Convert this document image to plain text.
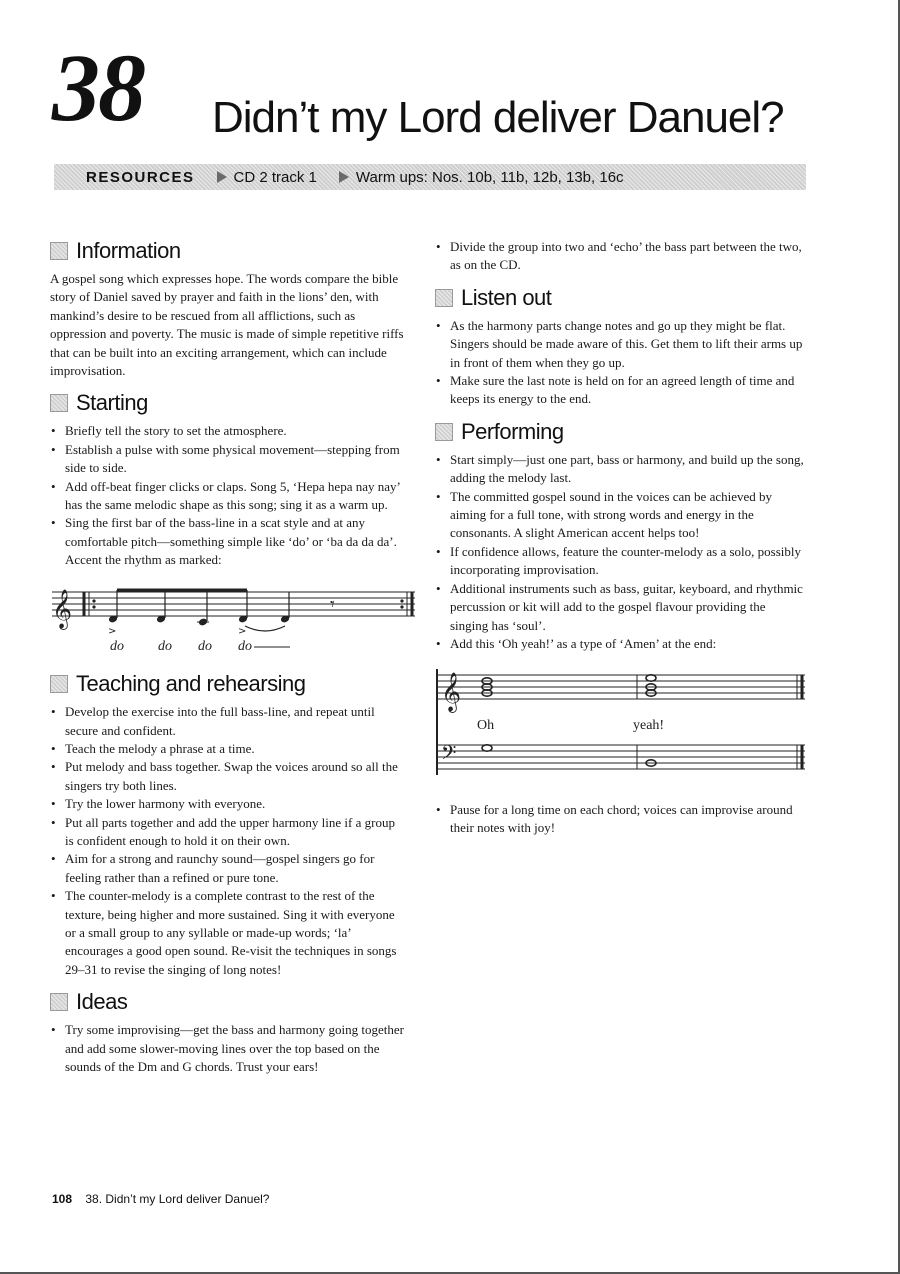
38 Didn’t my Lord deliver Danuel?
RESOURCES	CD 2 track 1	Warm ups: Nos. 10b, 11b, 12b, 13b, 16c
Information

A gospel song which expresses hope. The words compare the bible story of Daniel saved by prayer and faith in the lions’ den, with mankind’s desire to be rescued from all afflictions, such as oppression and poverty. The music is made of simple repetitive riffs that can be built into an exciting arrangement, which can include improvisation.

Starting
• Briefly tell the story to set the atmosphere.
• Establish a pulse with some physical movement—stepping from side to side.
• Add off-beat finger clicks or claps. Song 5, ‘Hepa hepa nay nay’ has the same melodic shape as this song; sing it as a warm up.
• Sing the first bar of the bass-line in a scat style and at any comfortable pitch—something simple like ‘do’ or ‘ba da da da’. Accent the rhythm as marked:
𝄞
>	>
𝄾
do do do do
Teaching and rehearsing
• Develop the exercise into the full bass-line, and repeat until secure and confident.
• Teach the melody a phrase at a time.
• Put melody and bass together. Swap the voices around so all the singers try both lines.
• Try the lower harmony with everyone.
• Put all parts together and add the upper harmony line if a group is confident enough to hold it on their own.
• Aim for a strong and raunchy sound—gospel singers go for feeling rather than a refined or pure tone.
• The counter-melody is a complete contrast to the rest of the texture, being higher and more sustained. Sing it with everyone or a small group to any syllable or made-up words; ‘la’ encourages a good open sound. Re-visit the techniques in songs 29–31 to revise the singing of long notes!
Ideas
• Try some improvising—get the bass and harmony going together and add some slower-moving lines over the top based on the sounds of the Dm and G chords. Trust your ears!
• Divide the group into two and ‘echo’ the bass part between the two, as on the CD.
Listen out
• As the harmony parts change notes and go up they might be flat. Singers should be made aware of this. Get them to lift their arms up in front of them when they go up.
• Make sure the last note is held on for an agreed length of time and keeps its energy to the end.
Performing
• Start simply—just one part, bass or harmony, and build up the song, adding the melody last.
• The committed gospel sound in the voices can be achieved by aiming for a full tone, with strong words and energy in the consonants. A slight American accent helps too!
• If confidence allows, feature the counter-melody as a solo, possibly incorporating improvisation.
• Additional instruments such as bass, guitar, keyboard, and rhythmic percussion or kit will add to the gospel flavour providing the singing has ‘soul’.
• Add this ‘Oh yeah!’ as a type of ‘Amen’ at the end:
𝄞
Oh	yeah!
𝄢
• Pause for a long time on each chord; voices can improvise around their notes with joy!
108 38. Didn’t my Lord deliver Danuel?
